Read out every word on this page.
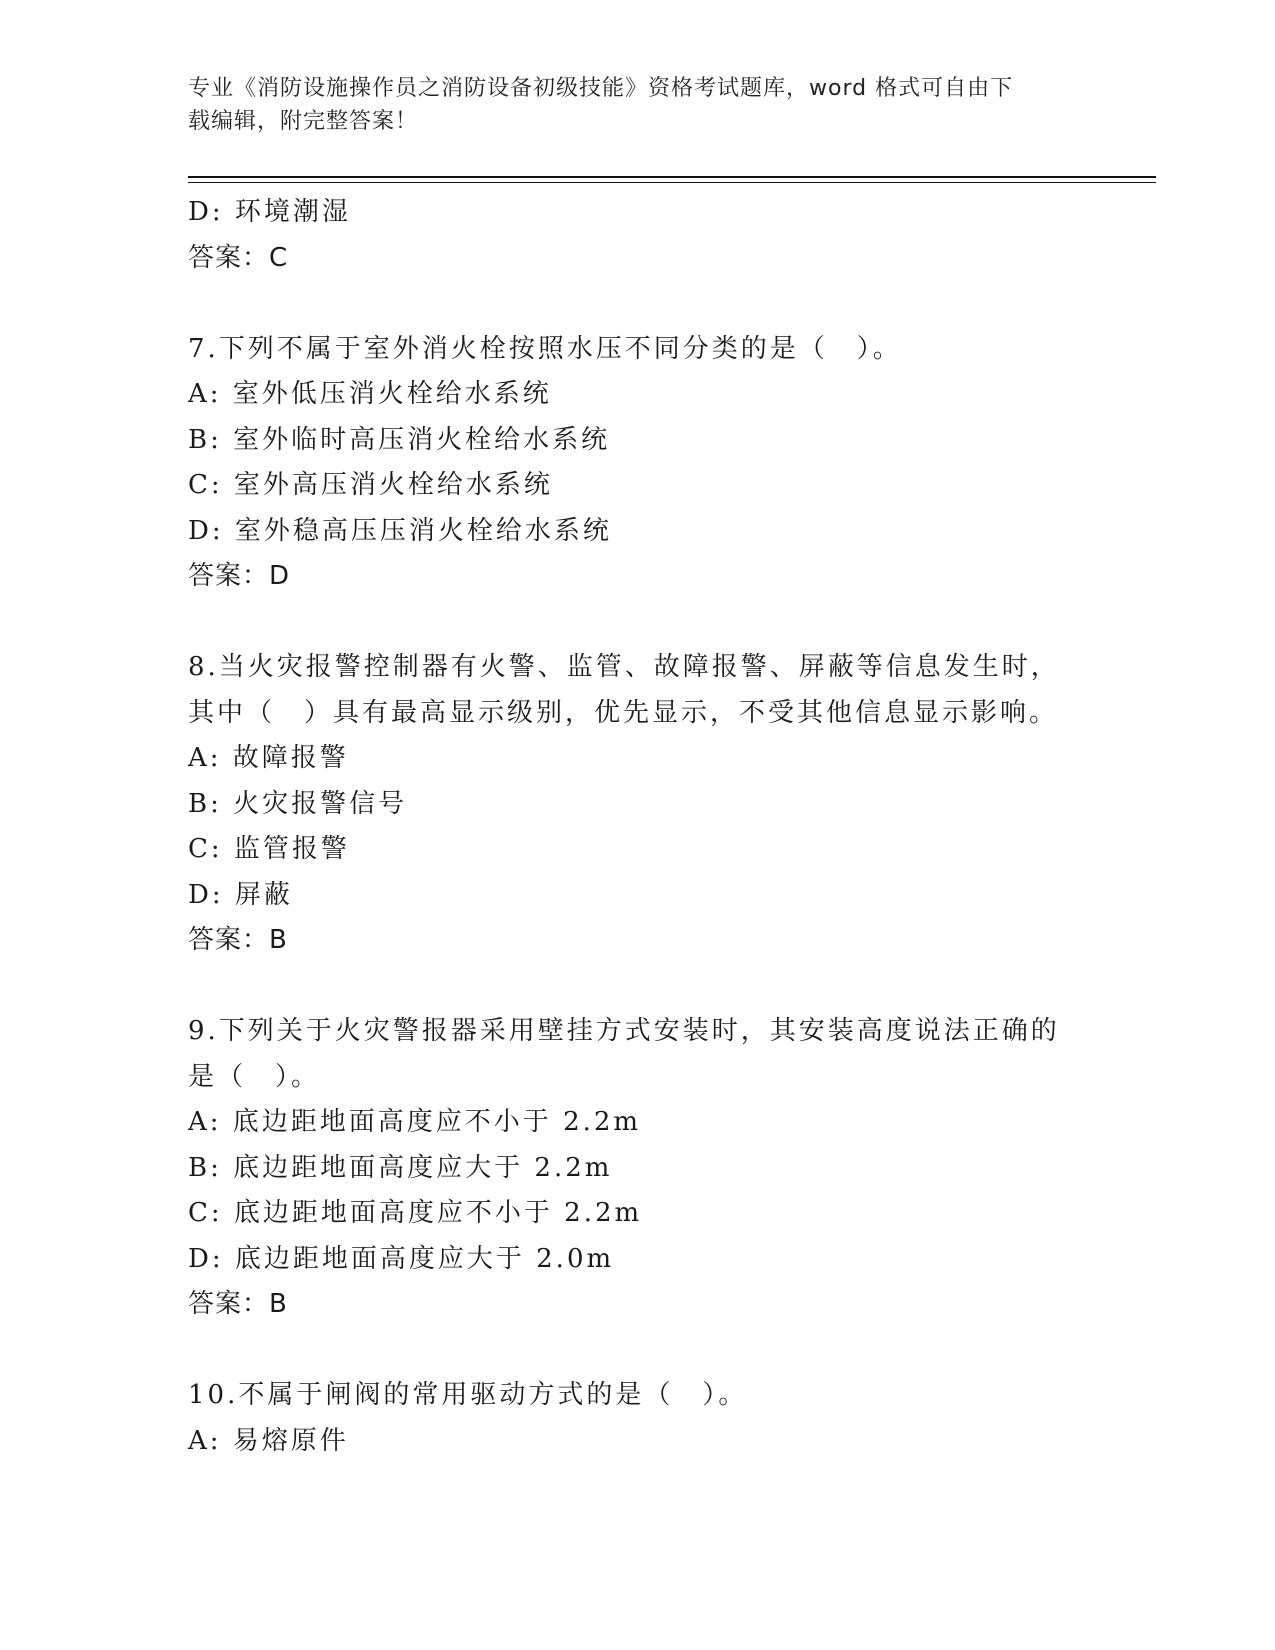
专业《消防设施操作员之消防设备初级技能》资格考试题库，word 格式可自由下
载编辑，附完整答案！
D: 环境潮湿
答案：C
7.下列不属于室外消火栓按照水压不同分类的是（　）。
A: 室外低压消火栓给水系统
B: 室外临时高压消火栓给水系统
C: 室外高压消火栓给水系统
D: 室外稳高压压消火栓给水系统
答案：D
8.当火灾报警控制器有火警、监管、故障报警、屏蔽等信息发生时，
其中（　）具有最高显示级别，优先显示，不受其他信息显示影响。
A: 故障报警
B: 火灾报警信号
C: 监管报警
D: 屏蔽
答案：B
9.下列关于火灾警报器采用壁挂方式安装时，其安装高度说法正确的
是（　）。
A: 底边距地面高度应不小于 2.2m
B: 底边距地面高度应大于 2.2m
C: 底边距地面高度应不小于 2.2m
D: 底边距地面高度应大于 2.0m
答案：B
10.不属于闸阀的常用驱动方式的是（　）。
A: 易熔原件
